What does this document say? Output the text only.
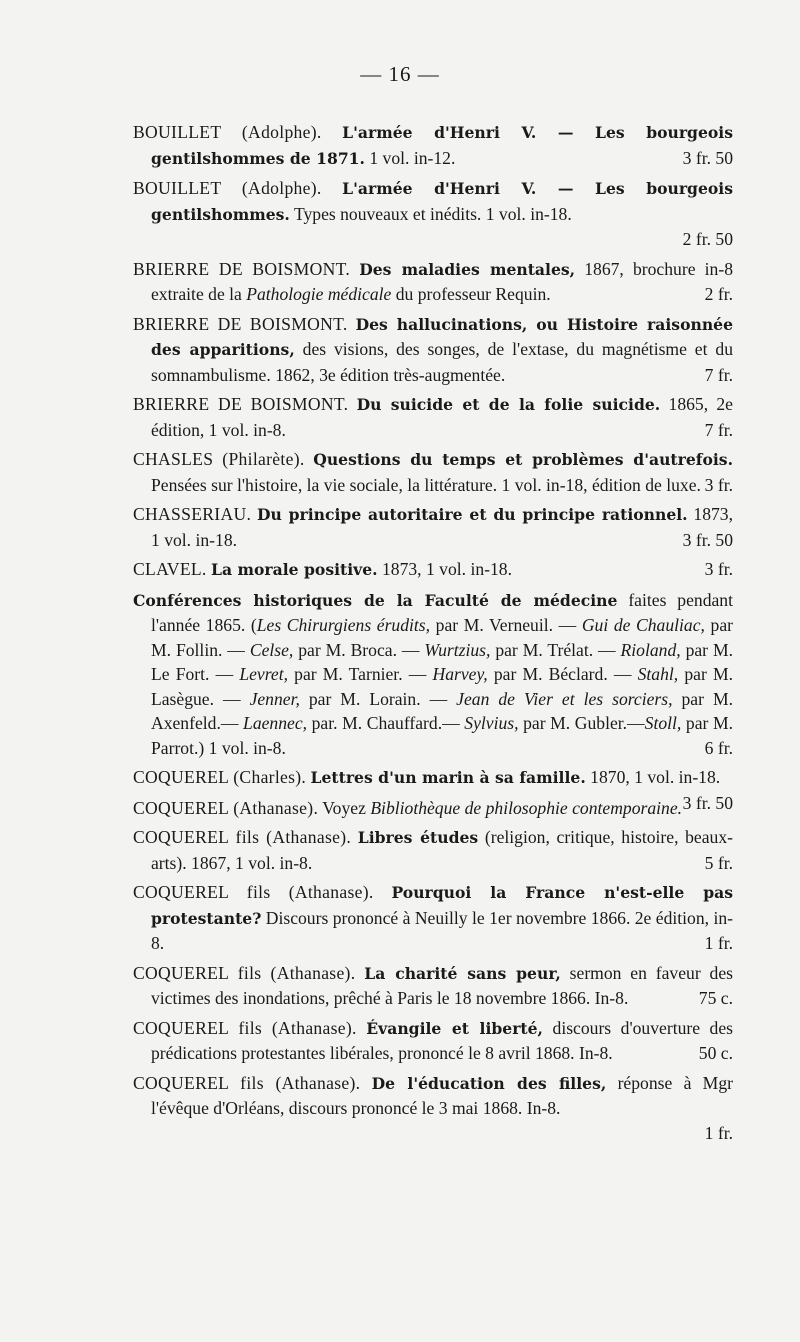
— 16 —

BOUILLET (Adolphe). L'armée d'Henri V. — Les bourgeois gentilshommes de 1871. 1 vol. in-12.	3 fr. 50

BOUILLET (Adolphe). L'armée d'Henri V. — Les bourgeois gentilshommes. Types nouveaux et inédits. 1 vol. in-18.
2 fr. 50

BRIERRE DE BOISMONT. Des maladies mentales, 1867, brochure in-8 extraite de la Pathologie médicale du professeur Requin.	2 fr.

BRIERRE DE BOISMONT. Des hallucinations, ou Histoire raisonnée des apparitions, des visions, des songes, de l'extase, du magnétisme et du somnambulisme. 1862, 3e édition très-augmentée.	7 fr.

BRIERRE DE BOISMONT. Du suicide et de la folie suicide. 1865, 2e édition, 1 vol. in-8.	7 fr.

CHASLES (Philarète). Questions du temps et problèmes d'autrefois. Pensées sur l'histoire, la vie sociale, la littérature. 1 vol. in-18, édition de luxe. 3 fr.

CHASSERIAU. Du principe autoritaire et du principe rationnel. 1873, 1 vol. in-18.	3 fr. 50

CLAVEL. La morale positive. 1873, 1 vol. in-18.	3 fr.

Conférences historiques de la Faculté de médecine faites pendant l'année 1865. (Les Chirurgiens érudits, par M. Verneuil. — Gui de Chauliac, par M. Follin. — Celse, par M. Broca. — Wurtzius, par M. Trélat. — Rioland, par M. Le Fort. — Levret, par M. Tarnier. — Harvey, par M. Béclard. — Stahl, par M. Lasègue. — Jenner, par M. Lorain. — Jean de Vier et les sorciers, par M. Axenfeld.— Laennec, par. M. Chauffard.— Sylvius, par M. Gubler.—Stoll, par M. Parrot.) 1 vol. in-8.	6 fr.

COQUEREL (Charles). Lettres d'un marin à sa famille. 1870, 1 vol. in-18.
3 fr. 50

COQUEREL (Athanase). Voyez Bibliothèque de philosophie contemporaine.

COQUEREL fils (Athanase). Libres études (religion, critique, histoire, beaux-arts). 1867, 1 vol. in-8.	5 fr.

COQUEREL fils (Athanase). Pourquoi la France n'est-elle pas protestante? Discours prononcé à Neuilly le 1er novembre 1866. 2e édition, in-8.	1 fr.

COQUEREL fils (Athanase). La charité sans peur, sermon en faveur des victimes des inondations, prêché à Paris le 18 novembre 1866. In-8.	75 c.

COQUEREL fils (Athanase). Évangile et liberté, discours d'ouverture des prédications protestantes libérales, prononcé le 8 avril 1868. In-8.	50 c.

COQUEREL fils (Athanase). De l'éducation des filles, réponse à Mgr l'évêque d'Orléans, discours prononcé le 3 mai 1868. In-8.
1 fr.
